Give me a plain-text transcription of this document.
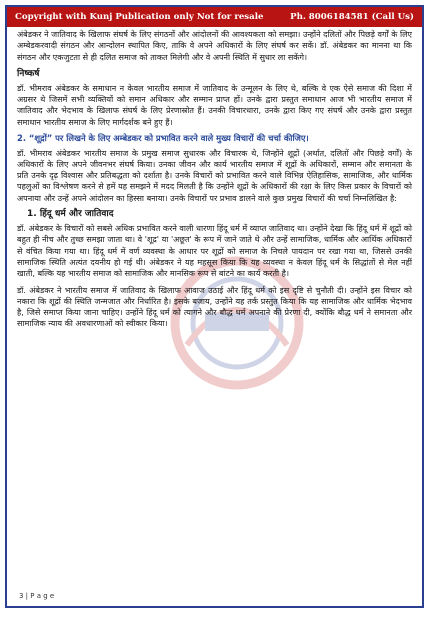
Copyright with Kunj Publication only Not for resale	Ph. 8006184581 (Call Us)

अंबेडकर ने जातिवाद के खिलाफ संघर्ष के लिए संगठनों और आंदोलनों की आवश्यकता को समझा। उन्होंने दलितों और पिछड़े वर्गों के लिए अम्बेडकरवादी संगठन और आन्दोलन स्थापित किए, ताकि वे अपने अधिकारों के लिए संघर्ष कर सकें। डॉ. अंबेडकर का मानना था कि संगठन और एकजुटता से ही दलित समाज को ताकत मिलेगी और वे अपनी स्थिति में सुधार ला सकेंगे।

निष्कर्ष

डॉ. भीमराव अंबेडकर के समाधान न केवल भारतीय समाज में जातिवाद के उन्मूलन के लिए थे, बल्कि वे एक ऐसे समाज की दिशा में अग्रसर थे जिसमें सभी व्यक्तियों को समान अधिकार और सम्मान प्राप्त हों। उनके द्वारा प्रस्तुत समाधान आज भी भारतीय समाज में जातिवाद और भेदभाव के खिलाफ संघर्ष के लिए प्रेरणास्रोत हैं। उनकी विचारधारा, उनके द्वारा किए गए संघर्ष और उनके द्वारा प्रस्तुत समाधान भारतीय समाज के लिए मार्गदर्शक बने हुए हैं।

2. “शूद्रों” पर लिखने के लिए अम्बेडकर को प्रभावित करने वाले मुख्य विचारों की चर्चा कीजिए।

डॉ. भीमराव अंबेडकर भारतीय समाज के प्रमुख समाज सुधारक और विचारक थे, जिन्होंने शूद्रों (अर्थात, दलितों और पिछड़े वर्गों) के अधिकारों के लिए अपने जीवनभर संघर्ष किया। उनका जीवन और कार्य भारतीय समाज में शूद्रों के अधिकारों, सम्मान और समानता के प्रति उनके दृढ़ विश्वास और प्रतिबद्धता को दर्शाता है। उनके विचारों को प्रभावित करने वाले विभिन्न ऐतिहासिक, सामाजिक, और धार्मिक पहलुओं का विश्लेषण करने से हमें यह समझने में मदद मिलती है कि उन्होंने शूद्रों के अधिकारों की रक्षा के लिए किस प्रकार के विचारों को अपनाया और उन्हें अपने आंदोलन का हिस्सा बनाया। उनके विचारों पर प्रभाव डालने वाले कुछ प्रमुख विचारों की चर्चा निम्नलिखित है:

1. हिंदू धर्म और जातिवाद

डॉ. अंबेडकर के विचारों को सबसे अधिक प्रभावित करने वाली धारणा हिंदू धर्म में व्याप्त जातिवाद था। उन्होंने देखा कि हिंदू धर्म में शूद्रों को बहुत ही नीच और तुच्छ समझा जाता था। वे 'शूद्र' या 'अछूत' के रूप में जाने जाते थे और उन्हें सामाजिक, धार्मिक और आर्थिक अधिकारों से वंचित किया गया था। हिंदू धर्म में वर्ण व्यवस्था के आधार पर शूद्रों को समाज के निचले पायदान पर रखा गया था, जिससे उनकी सामाजिक स्थिति अत्यंत दयनीय हो गई थी। अंबेडकर ने यह महसूस किया कि यह व्यवस्था न केवल हिंदू धर्म के सिद्धांतों से मेल नहीं खाती, बल्कि यह भारतीय समाज को सामाजिक और मानसिक रूप से बांटने का कार्य करती है।

डॉ. अंबेडकर ने भारतीय समाज में जातिवाद के खिलाफ आवाज उठाई और हिंदू धर्म को इस दृष्टि से चुनौती दी। उन्होंने इस विचार को नकारा कि शूद्रों की स्थिति जन्मजात और निर्धारित है। इसके बजाय, उन्होंने यह तर्क प्रस्तुत किया कि यह सामाजिक और धार्मिक भेदभाव है, जिसे समाप्त किया जाना चाहिए। उन्होंने हिंदू धर्म को त्यागने और बौद्ध धर्म अपनाने की प्रेरणा दी, क्योंकि बौद्ध धर्म ने समानता और सामाजिक न्याय की अवधारणाओं को स्वीकार किया।

3 | P a g e
